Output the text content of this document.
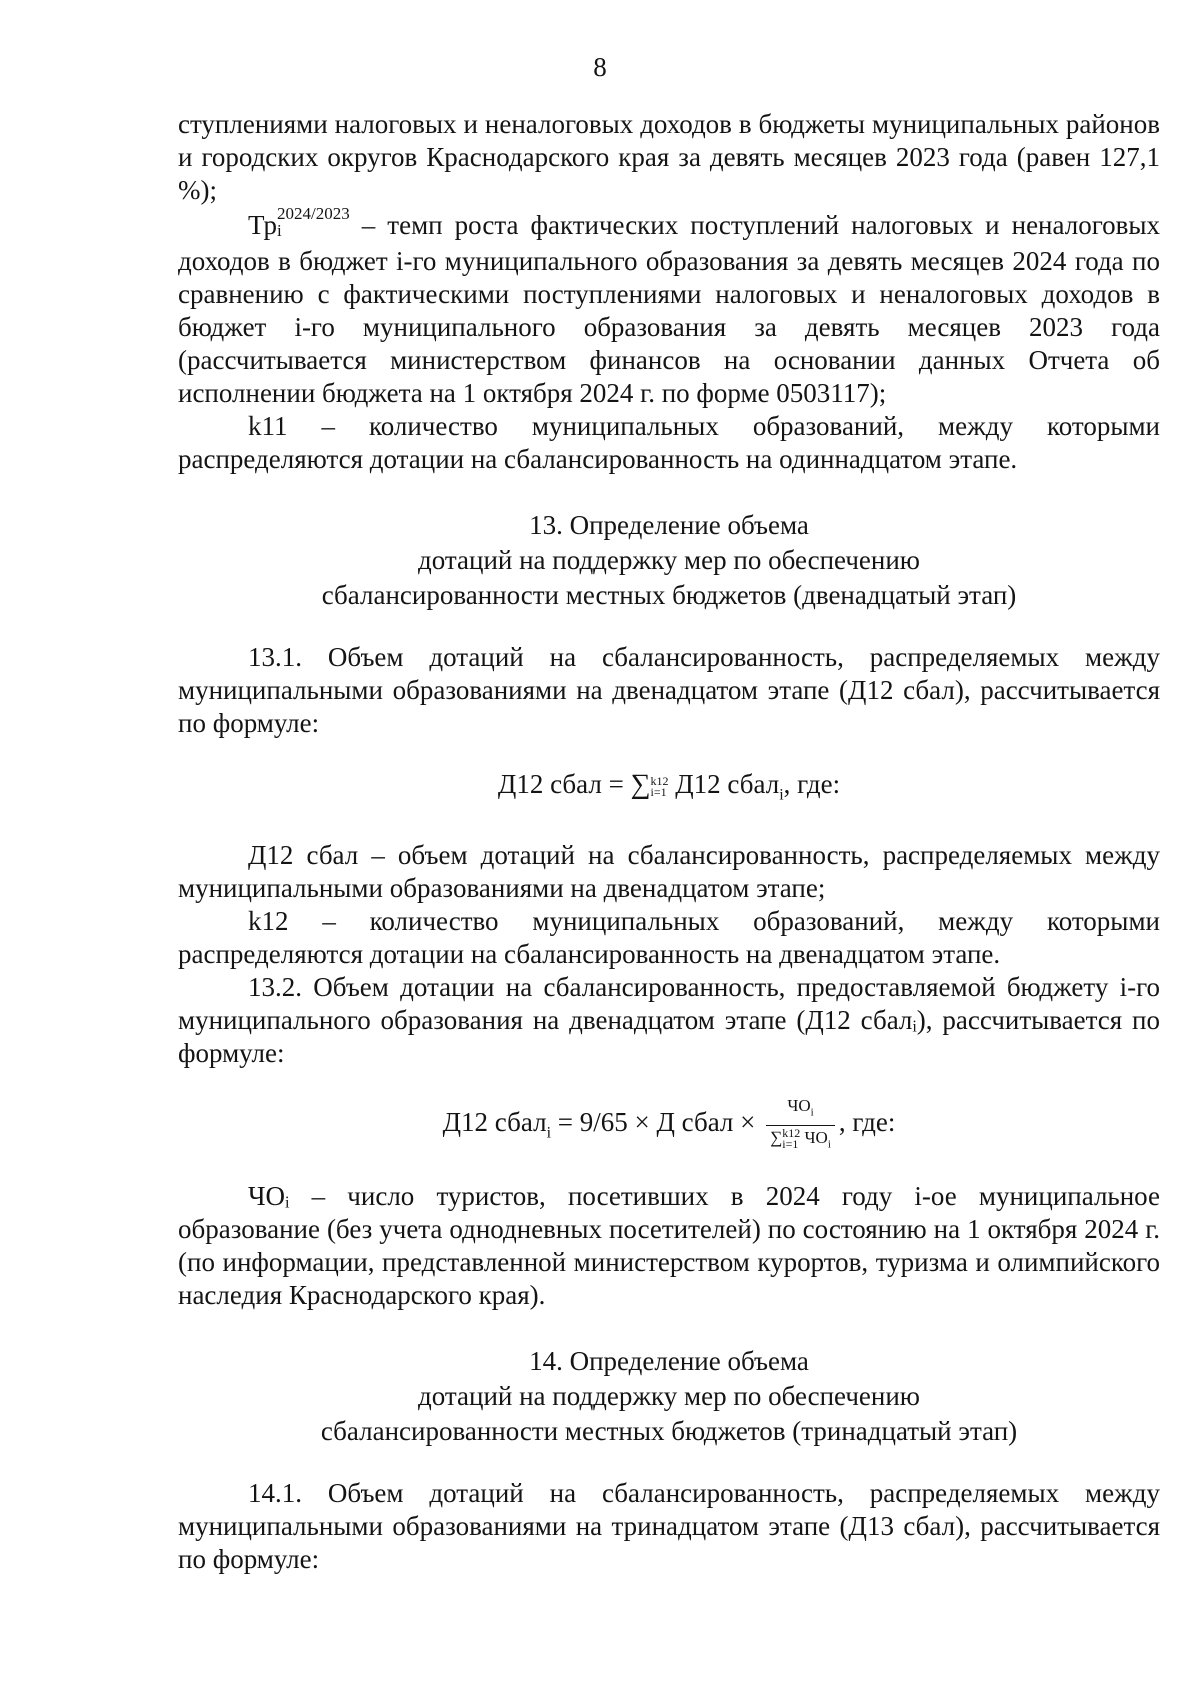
8

ступлениями налоговых и неналоговых доходов в бюджеты муниципальных районов и городских округов Краснодарского края за девять месяцев 2023 года (равен 127,1 %);

Тр 2024/2023
i	– темп роста фактических поступлений налоговых и неналоговых доходов в бюджет i-го муниципального образования за девять месяцев 2024 года по сравнению с фактическими поступлениями налоговых и неналоговых доходов в бюджет i-го муниципального образования за девять месяцев 2023 года (рассчитывается министерством финансов на основании данных Отчета об исполнении бюджета на 1 октября 2024 г. по форме 0503117);

k11 – количество муниципальных образований, между которыми распределяются дотации на сбалансированность на одиннадцатом этапе.

13. Определение объема
дотаций на поддержку мер по обеспечению
сбалансированности местных бюджетов (двенадцатый этап)

13.1. Объем дотаций на сбалансированность, распределяемых между муниципальными образованиями на двенадцатом этапе (Д12 сбал), рассчитывается по формуле:

Д12 сбал = ∑ k12
i=1 Д12 сбал$_i$, где:

Д12 сбал – объем дотаций на сбалансированность, распределяемых между муниципальными образованиями на двенадцатом этапе;

k12 – количество муниципальных образований, между которыми распределяются дотации на сбалансированность на двенадцатом этапе.

13.2. Объем дотации на сбалансированность, предоставляемой бюджету i-го муниципального образования на двенадцатом этапе (Д12 сбалᵢ), рассчитывается по формуле:

Д12 сбал$_i$ = 9/65 × Д сбал × $ЧО_i$
∑ k12
i=1 $ЧО_i$ , где:

ЧОᵢ – число туристов, посетивших в 2024 году i-ое муниципальное образование (без учета однодневных посетителей) по состоянию на 1 октября 2024 г. (по информации, представленной министерством курортов, туризма и олимпийского наследия Краснодарского края).

14. Определение объема
дотаций на поддержку мер по обеспечению
сбалансированности местных бюджетов (тринадцатый этап)

14.1. Объем дотаций на сбалансированность, распределяемых между муниципальными образованиями на тринадцатом этапе (Д13 сбал), рассчитывается по формуле:
